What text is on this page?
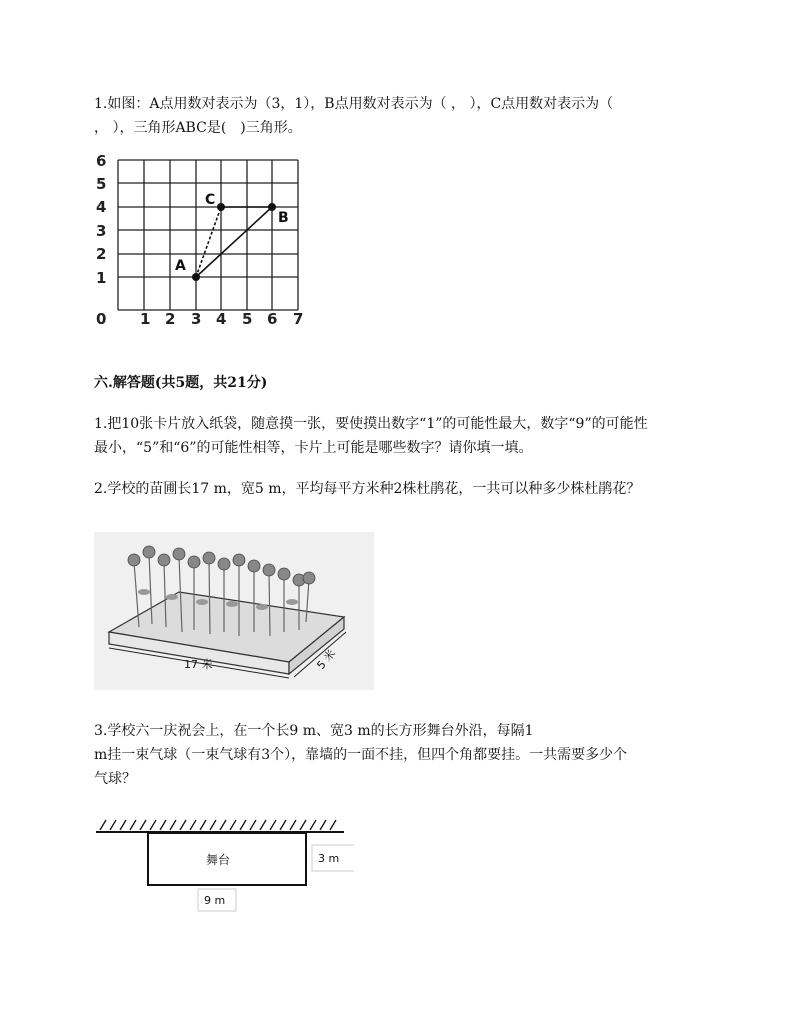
1.如图：A点用数对表示为（3，1），B点用数对表示为（ ， ），C点用数对表示为（
， ），三角形ABC是(　)三角形。
6
5
4
3
2
1
0 1 2 3 4 5 6 7
A
B
C
六.解答题(共5题，共21分)
1.把10张卡片放入纸袋，随意摸一张，要使摸出数字“1”的可能性最大，数字“9”的可能性
最小，“5”和“6”的可能性相等，卡片上可能是哪些数字？请你填一填。
2.学校的苗圃长17 m，宽5 m，平均每平方米种2株杜鹃花，一共可以种多少株杜鹃花？
17 米	5 米
3.学校六一庆祝会上，在一个长9 m、宽3 m的长方形舞台外沿，每隔1
m挂一束气球（一束气球有3个），靠墙的一面不挂，但四个角都要挂。一共需要多少个
气球？
舞台	3 m
9 m
